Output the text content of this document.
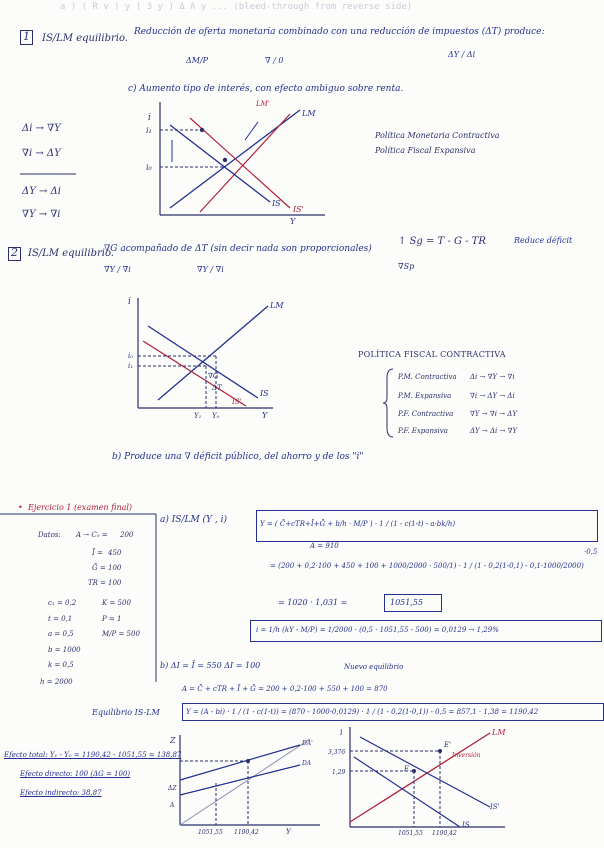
a ) ( R v ) y ( 3 y ) Δ A y ... (bleed-through from reverse side)
1 IS/LM equilibrio.
Reducción de oferta monetaria combinado con una reducción de impuestos (ΔT) produce:
ΔM/P	∇ / 0
ΔY / Δi
c) Aumento tipo de interés, con efecto ambiguo sobre renta.
Δi → ∇Y
∇i → ΔY
ΔY → Δi
∇Y → ∇i
Política Monetaria Contractiva
Política Fiscal Expansiva
i
i₁
i₀
LM'
LM
IS'
IS
Y
2 IS/LM equilibrio.
∇G acompañado de ΔT (sin decir nada son proporcionales)
∇Y / ∇i	∇Y / ∇i
↑ Sg = T - G - TR
∇Sp
Reduce déficit
i
i₀
i₁
LM
IS
IS'
∇G
ΔT
Y₁ Y₀	Y
POLÍTICA FISCAL CONTRACTIVA
P.M. Contractiva Δi → ∇Y → ∇i
P.M. Expansiva	∇i → ΔY → Δi
P.F. Contractiva ∇Y → ∇i → ΔY
P.F. Expansiva	ΔY → Δi → ∇Y
b) Produce una ∇ déficit público, del ahorro y de los "i"
• Ejercicio 1 (examen final)
Datos: A → C₀ = 200
Ī = 450
Ḡ = 100
TR = 100
c₁ = 0,2	K = 500
t = 0,1	P = 1
a = 0,5	M/P = 500
b = 1000
k = 0,5
h = 2000
a) IS/LM (Y , i)	Y = ( C̄+cTR+Ī+Ḡ + b/h · M/P ) · 1 / (1 - c(1-t) - a·bk/h)
A = 910
= (200 + 0,2·100 + 450 + 100 + 1000/2000 · 500/1) · 1 / (1 - 0,2(1-0,1) - 0,1·1000/2000)
·0,5
= 1020 · 1,031 =	1051,55
i = 1/h (kY - M/P) = 1/2000 · (0,5 · 1051,55 - 500) = 0,0129 → 1,29%
b) ΔI = Ī = 550 ΔI = 100	Nuevo equilibrio
A = C̄ + cTR + Ī + Ḡ = 200 + 0,2·100 + 550 + 100 = 870
Equilibrio IS-LM	Y = (A - bi) · 1 / (1 - c(1-t)) = (870 - 1000·0,0129) · 1 / (1 - 0,2(1-0,1)) - 0,5 = 857,1 · 1,38 = 1190,42
Efecto total: Y₁ - Y₀ = 1190,42 - 1051,55 = 138,87
Efecto directo: 100 (ΔG = 100)
Efecto indirecto: 38,87
Z	DA'
DA
ΔZ
A
1051,55 1190,42	Y
i
3,376
1,29
LM
E'
E
Inversión
IS'
IS
1051,55 1190,42
